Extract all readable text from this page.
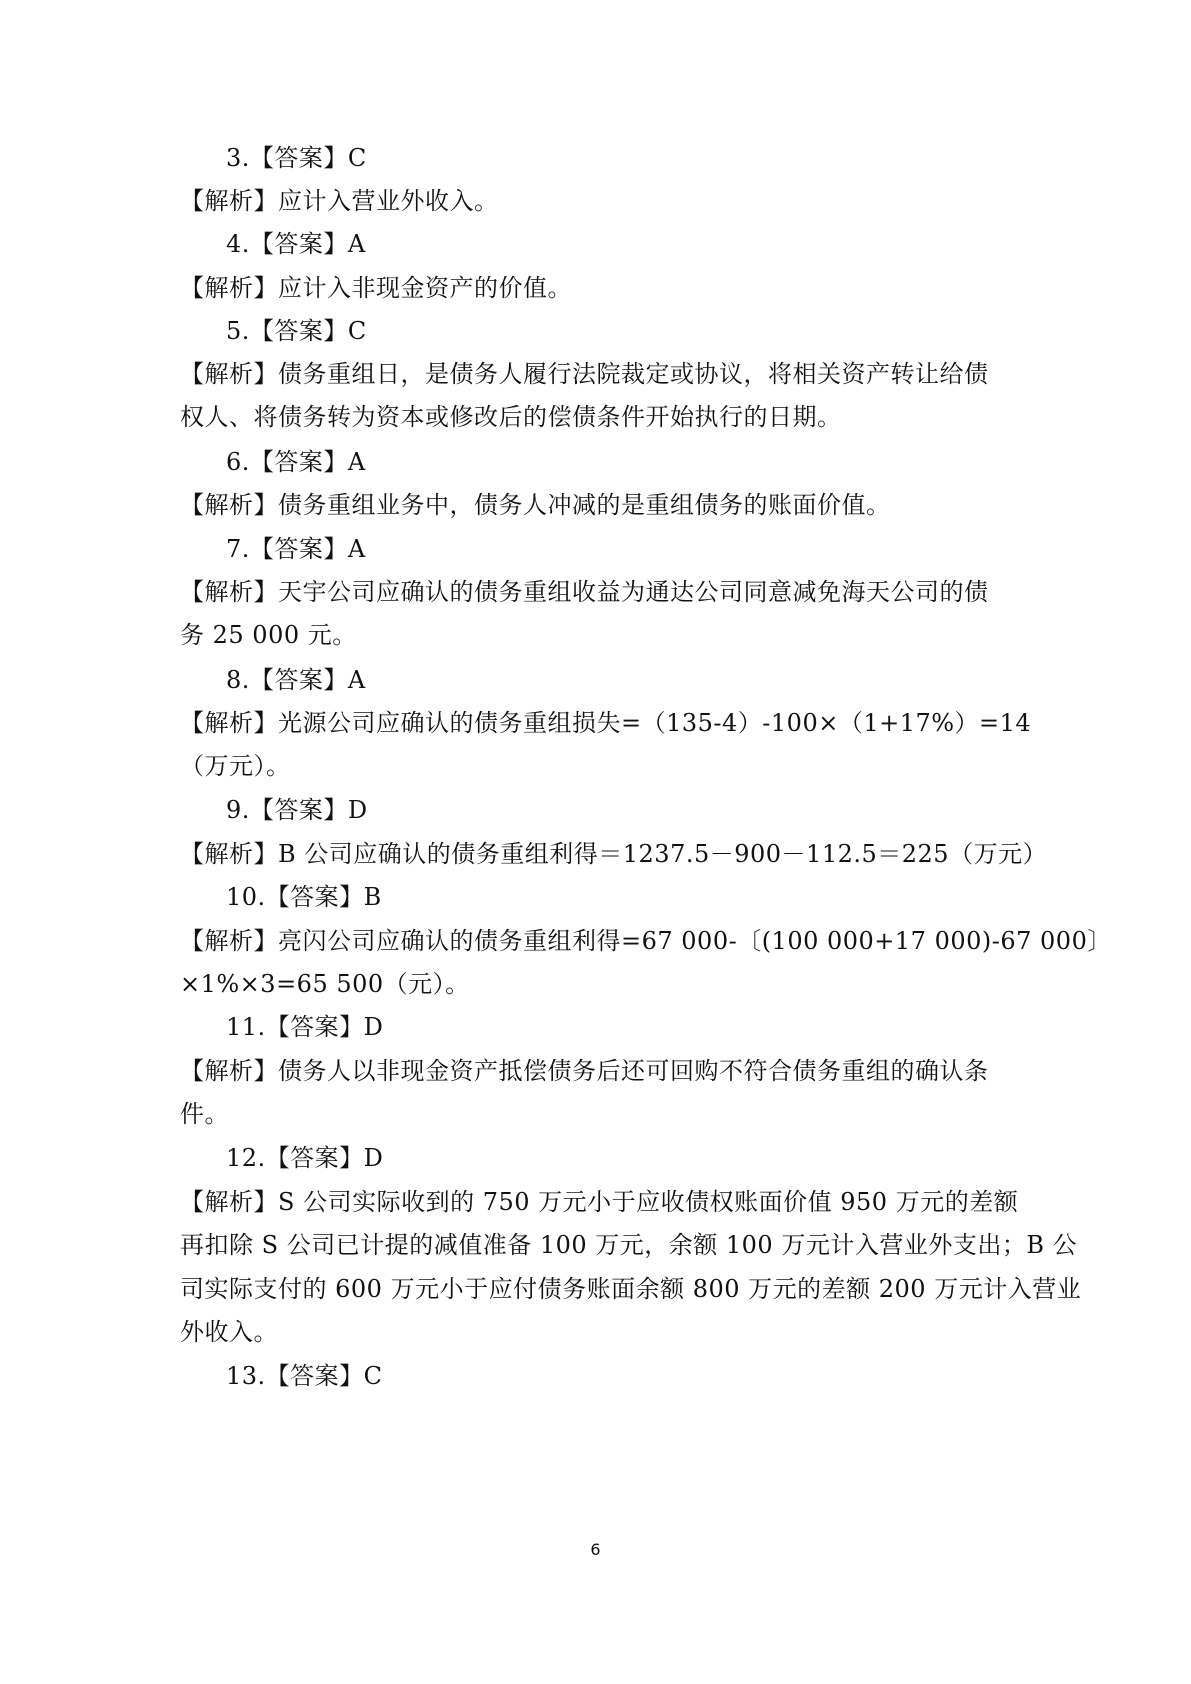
3.【答案】C
【解析】应计入营业外收入。
4.【答案】A
【解析】应计入非现金资产的价值。
5.【答案】C
【解析】债务重组日，是债务人履行法院裁定或协议，将相关资产转让给债
权人、将债务转为资本或修改后的偿债条件开始执行的日期。
6.【答案】A
【解析】债务重组业务中，债务人冲减的是重组债务的账面价值。
7.【答案】A
【解析】天宇公司应确认的债务重组收益为通达公司同意减免海天公司的债
务 25 000 元。
8.【答案】A
【解析】光源公司应确认的债务重组损失=（135-4）-100×（1+17%）=14
（万元）。
9.【答案】D
【解析】B 公司应确认的债务重组利得＝1237.5－900－112.5＝225（万元）
10.【答案】B
【解析】亮闪公司应确认的债务重组利得=67 000-〔(100 000+17 000)-67 000〕
×1%×3=65 500（元）。
11.【答案】D
【解析】债务人以非现金资产抵偿债务后还可回购不符合债务重组的确认条
件。
12.【答案】D
【解析】S 公司实际收到的 750 万元小于应收债权账面价值 950 万元的差额
再扣除 S 公司已计提的减值准备 100 万元，余额 100 万元计入营业外支出；B 公
司实际支付的 600 万元小于应付债务账面余额 800 万元的差额 200 万元计入营业
外收入。
13.【答案】C
6
